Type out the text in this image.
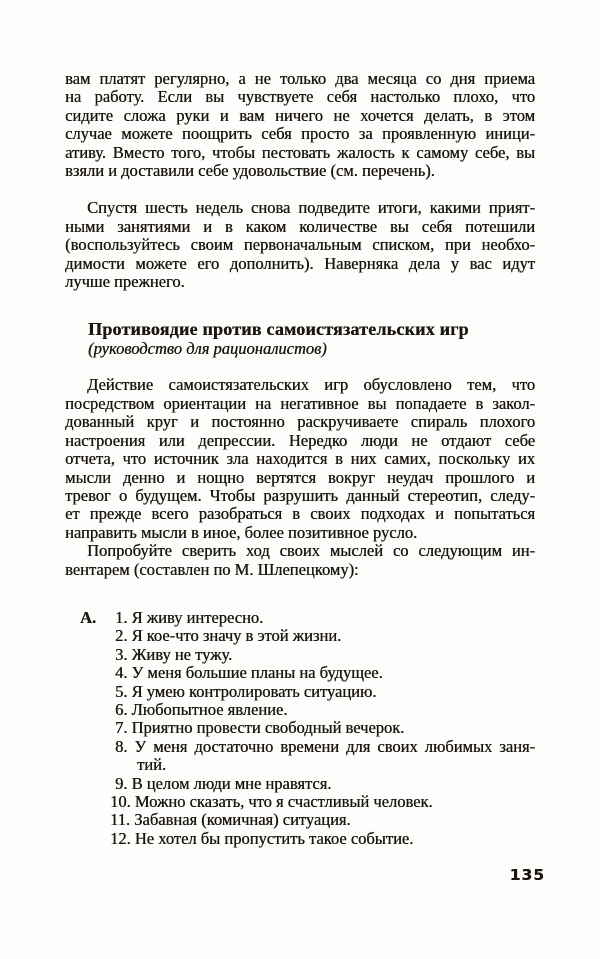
вам платят регулярно, а не только два месяца со дня приема
на работу. Если вы чувствуете себя настолько плохо, что
сидите сложа руки и вам ничего не хочется делать, в этом
случае можете поощрить себя просто за проявленную иници-
ативу. Вместо того, чтобы пестовать жалость к самому себе, вы
взяли и доставили себе удовольствие (см. перечень).
Спустя шесть недель снова подведите итоги, какими прият-
ными занятиями и в каком количестве вы себя потешили
(воспользуйтесь своим первоначальным списком, при необхо-
димости можете его дополнить). Наверняка дела у вас идут
лучше прежнего.
Противоядие против самоистязательских игр
(руководство для рационалистов)
Действие самоистязательских игр обусловлено тем, что
посредством ориентации на негативное вы попадаете в закол-
дованный круг и постоянно раскручиваете спираль плохого
настроения или депрессии. Нередко люди не отдают себе
отчета, что источник зла находится в них самих, поскольку их
мысли денно и нощно вертятся вокруг неудач прошлого и
тревог о будущем. Чтобы разрушить данный стереотип, следу-
ет прежде всего разобраться в своих подходах и попытаться
направить мысли в иное, более позитивное русло.
Попробуйте сверить ход своих мыслей со следующим ин-
вентарем (составлен по М. Шлепецкому):
А.	1. Я живу интересно.
2. Я кое-что значу в этой жизни.
3. Живу не тужу.
4. У меня большие планы на будущее.
5. Я умею контролировать ситуацию.
6. Любопытное явление.
7. Приятно провести свободный вечерок.
8. У меня достаточно времени для своих любимых заня-
тий.
9. В целом люди мне нравятся.
10. Можно сказать, что я счастливый человек.
11. Забавная (комичная) ситуация.
12. Не хотел бы пропустить такое событие.
135
